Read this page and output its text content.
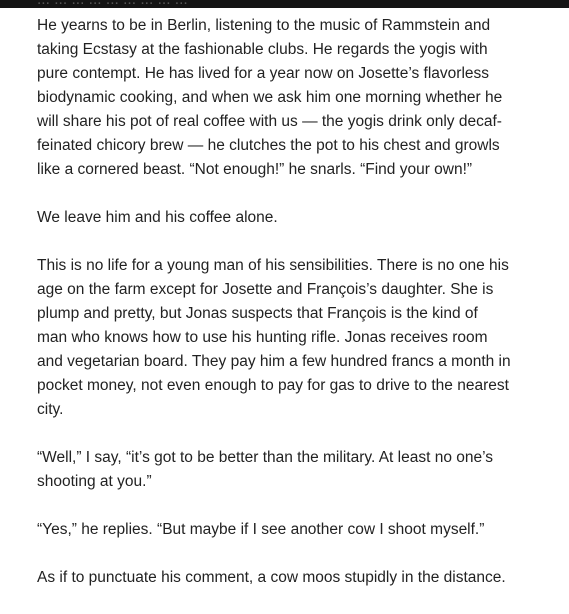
He yearns to be in Berlin, listening to the music of Rammstein and
taking Ecstasy at the fashionable clubs. He regards the yogis with
pure contempt. He has lived for a year now on Josette’s flavorless
biodynamic cooking, and when we ask him one morning whether he
will share his pot of real coffee with us — the yogis drink only decaf-
feinated chicory brew — he clutches the pot to his chest and growls
like a cornered beast. “Not enough!” he snarls. “Find your own!”

We leave him and his coffee alone.

This is no life for a young man of his sensibilities. There is no one his
age on the farm except for Josette and François’s daughter. She is
plump and pretty, but Jonas suspects that François is the kind of
man who knows how to use his hunting rifle. Jonas receives room
and vegetarian board. They pay him a few hundred francs a month in
pocket money, not even enough to pay for gas to drive to the nearest
city.

“Well,” I say, “it’s got to be better than the military. At least no one’s
shooting at you.”

“Yes,” he replies. “But maybe if I see another cow I shoot myself.”

As if to punctuate his comment, a cow moos stupidly in the distance.
